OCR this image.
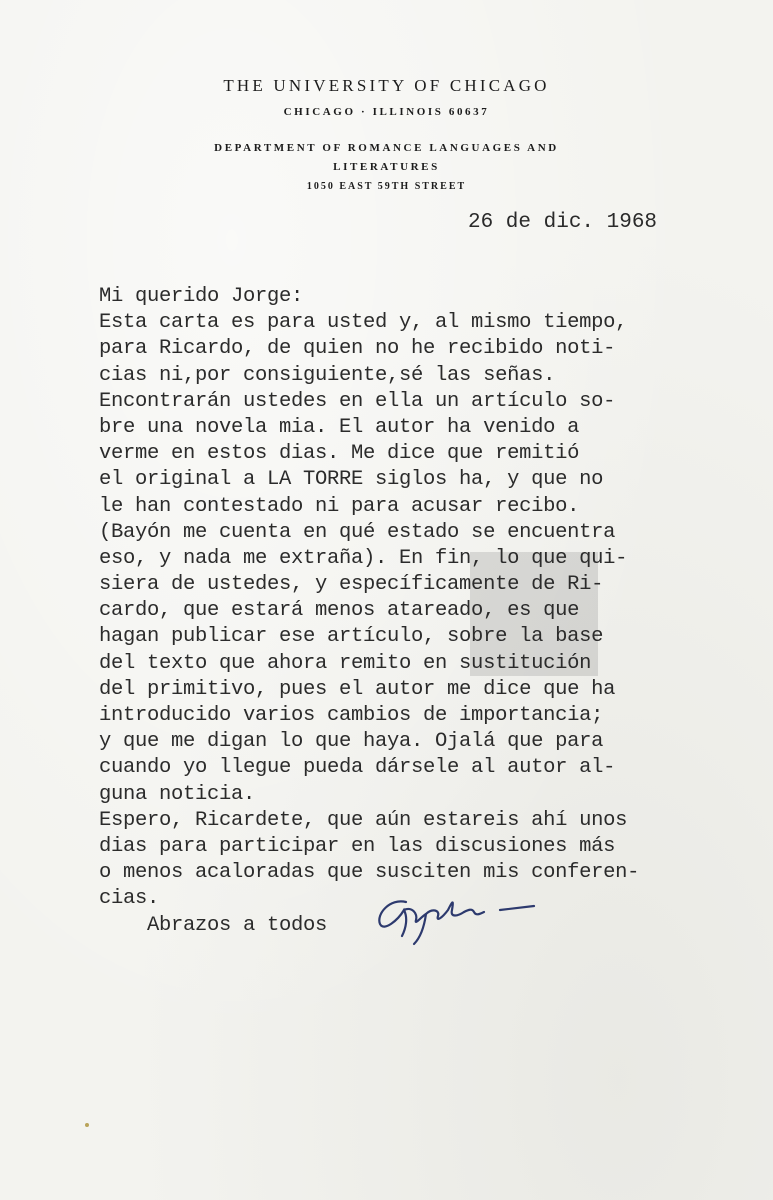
THE UNIVERSITY OF CHICAGO
CHICAGO · ILLINOIS 60637
DEPARTMENT OF ROMANCE LANGUAGES AND
LITERATURES
1050 EAST 59TH STREET
26 de dic. 1968
Mi querido Jorge:
Esta carta es para usted y, al mismo tiempo,
para Ricardo, de quien no he recibido noti-
cias ni,por consiguiente,sé las señas.
Encontrarán ustedes en ella un artículo so-
bre una novela mia. El autor ha venido a
verme en estos dias. Me dice que remitió
el original a LA TORRE siglos ha, y que no
le han contestado ni para acusar recibo.
(Bayón me cuenta en qué estado se encuentra
eso, y nada me extraña). En fin, lo que qui-
siera de ustedes, y específicamente de Ri-
cardo, que estará menos atareado, es que
hagan publicar ese artículo, sobre la base
del texto que ahora remito en sustitución
del primitivo, pues el autor me dice que ha
introducido varios cambios de importancia;
y que me digan lo que haya. Ojalá que para
cuando yo llegue pueda dársele al autor al-
guna noticia.
Espero, Ricardete, que aún estareis ahí unos
dias para participar en las discusiones más
o menos acaloradas que susciten mis conferen-
cias.
Abrazos a todos
